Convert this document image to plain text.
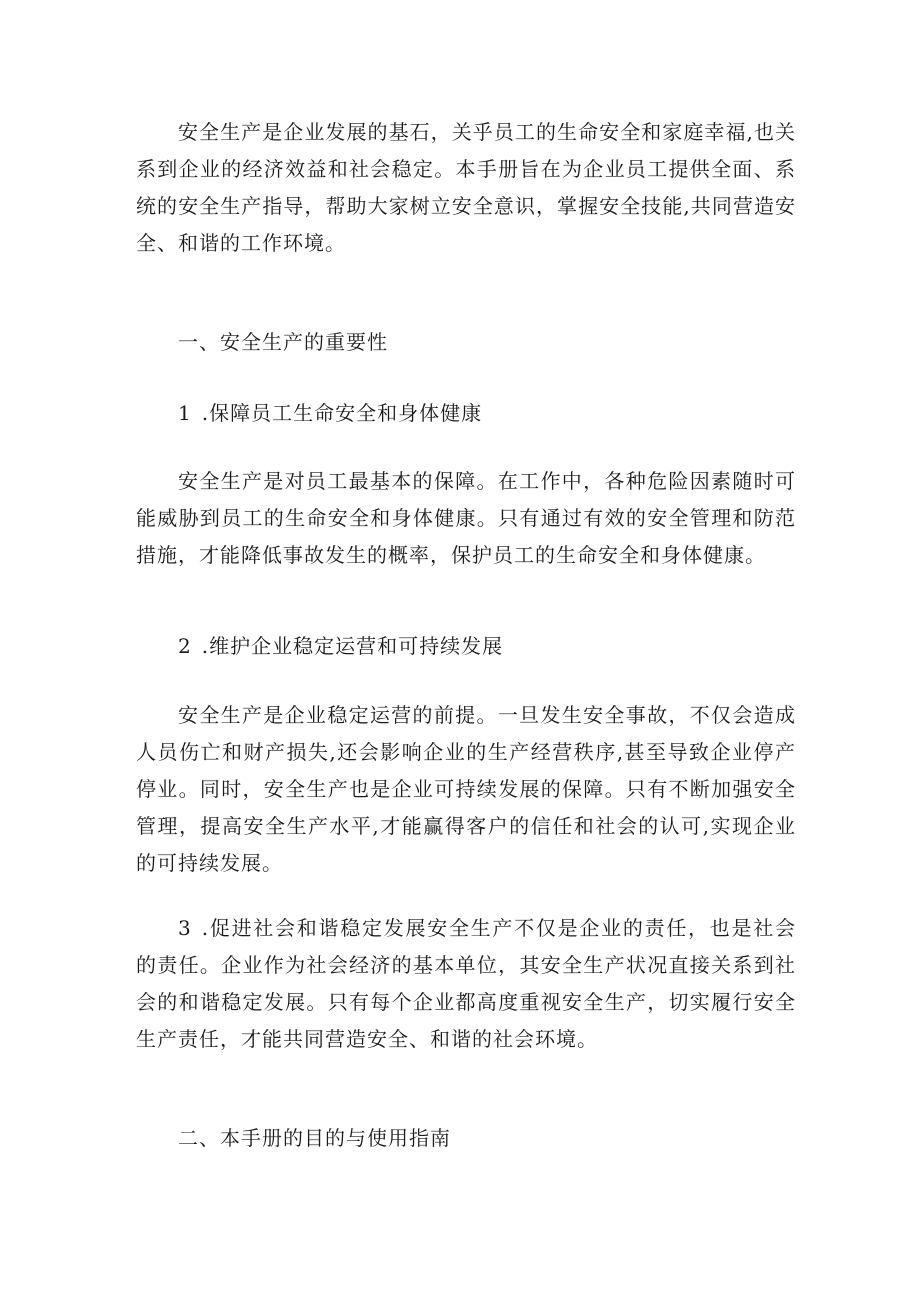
安全生产是企业发展的基石，关乎员工的生命安全和家庭幸福,也关系到企业的经济效益和社会稳定。本手册旨在为企业员工提供全面、系统的安全生产指导，帮助大家树立安全意识，掌握安全技能,共同营造安全、和谐的工作环境。

一、安全生产的重要性

1 .保障员工生命安全和身体健康

安全生产是对员工最基本的保障。在工作中，各种危险因素随时可能威胁到员工的生命安全和身体健康。只有通过有效的安全管理和防范措施，才能降低事故发生的概率，保护员工的生命安全和身体健康。

2 .维护企业稳定运营和可持续发展

安全生产是企业稳定运营的前提。一旦发生安全事故，不仅会造成人员伤亡和财产损失,还会影响企业的生产经营秩序,甚至导致企业停产停业。同时，安全生产也是企业可持续发展的保障。只有不断加强安全管理，提高安全生产水平,才能赢得客户的信任和社会的认可,实现企业的可持续发展。

3 .促进社会和谐稳定发展安全生产不仅是企业的责任，也是社会的责任。企业作为社会经济的基本单位，其安全生产状况直接关系到社会的和谐稳定发展。只有每个企业都高度重视安全生产，切实履行安全生产责任，才能共同营造安全、和谐的社会环境。

二、本手册的目的与使用指南
